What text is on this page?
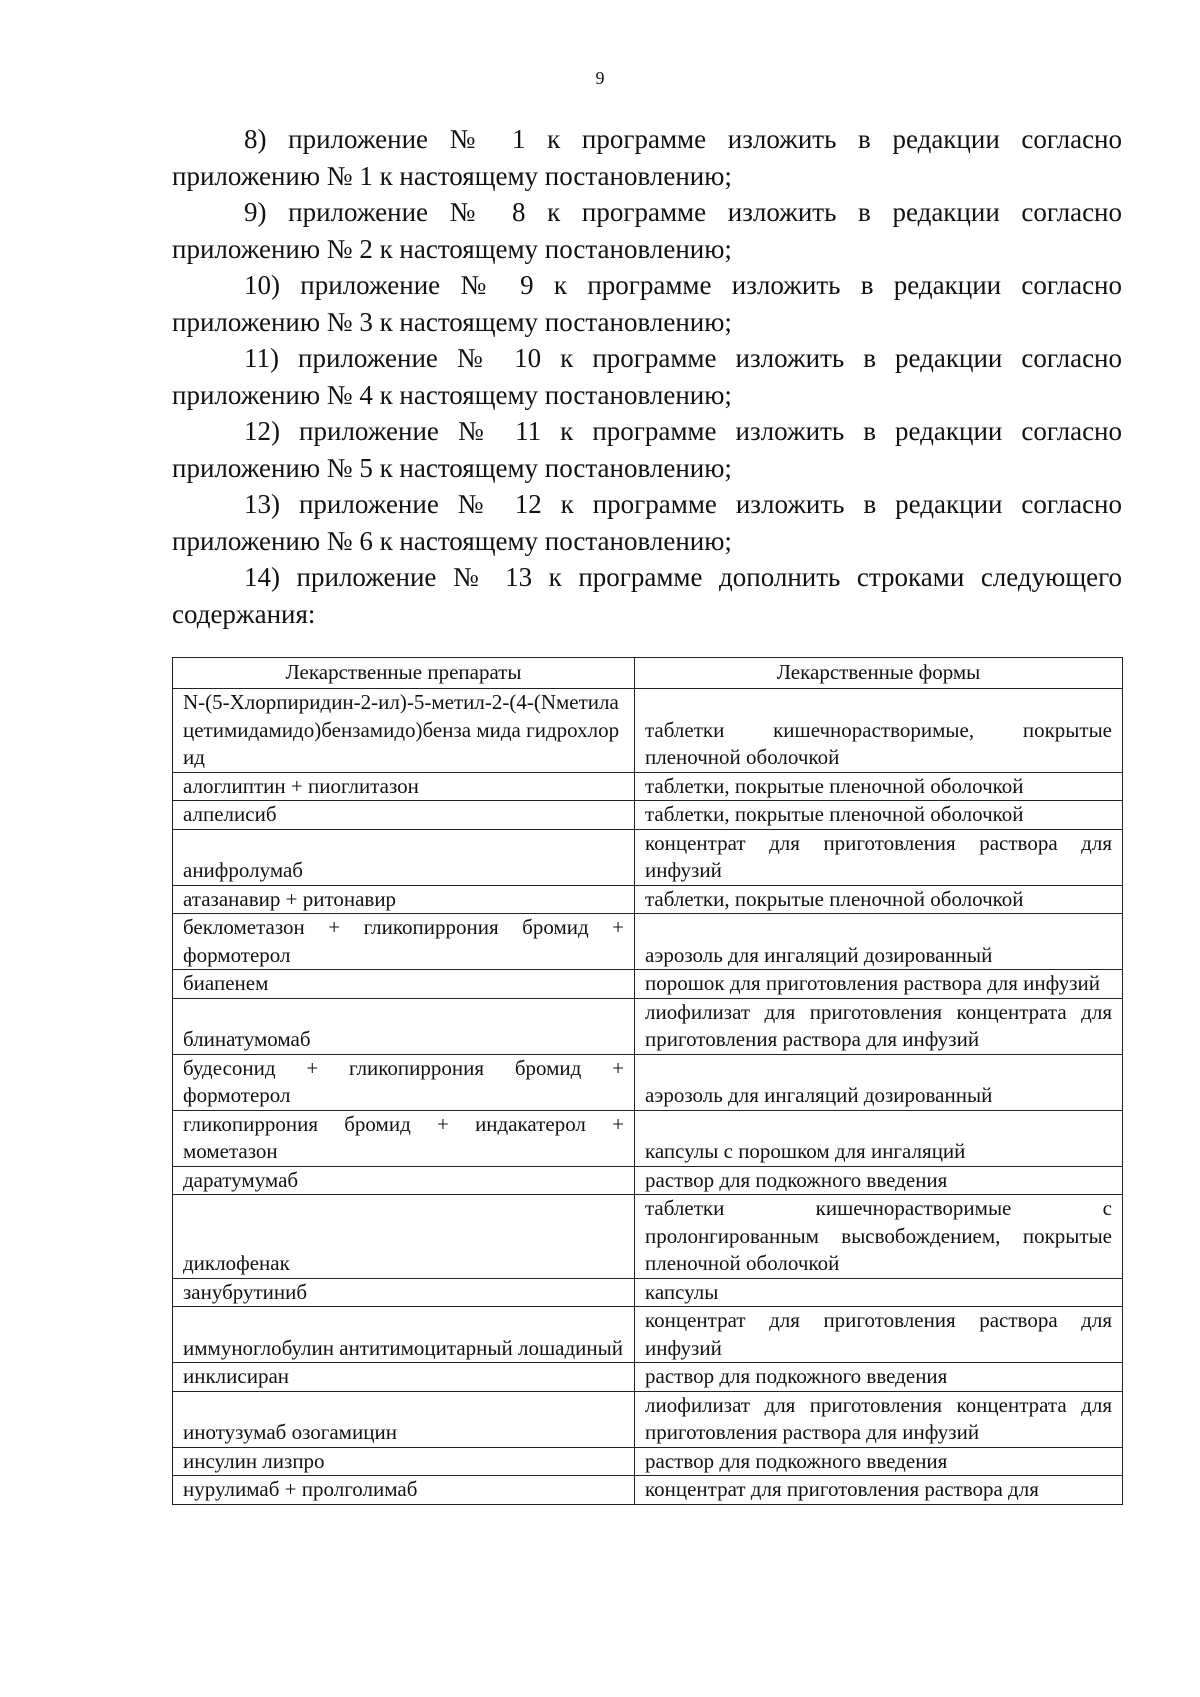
9

8) приложение № 1 к программе изложить в редакции согласно
приложению № 1 к настоящему постановлению;

9) приложение № 8 к программе изложить в редакции согласно
приложению № 2 к настоящему постановлению;

10) приложение № 9 к программе изложить в редакции согласно
приложению № 3 к настоящему постановлению;

11) приложение № 10 к программе изложить в редакции согласно
приложению № 4 к настоящему постановлению;

12) приложение № 11 к программе изложить в редакции согласно
приложению № 5 к настоящему постановлению;

13) приложение № 12 к программе изложить в редакции согласно
приложению № 6 к настоящему постановлению;

14) приложение № 13 к программе дополнить строками следующего
содержания:

Лекарственные препараты	Лекарственные формы
N-(5-Хлорпиридин-2-ил)-5-метил-2-(4-(Nметилацетимидамидо)бензамидо)бенза мида гидрохлорид	таблетки кишечнорастворимые, покрытые пленочной оболочкой
алоглиптин + пиоглитазон	таблетки, покрытые пленочной оболочкой
алпелисиб	таблетки, покрытые пленочной оболочкой
анифролумаб	концентрат для приготовления раствора для инфузий
атазанавир + ритонавир	таблетки, покрытые пленочной оболочкой
беклометазон + гликопиррония бромид + формотерол	аэрозоль для ингаляций дозированный
биапенем	порошок для приготовления раствора для инфузий
блинатумомаб	лиофилизат для приготовления концентрата для приготовления раствора для инфузий
будесонид + гликопиррония бромид + формотерол	аэрозоль для ингаляций дозированный
гликопиррония бромид + индакатерол + мометазон	капсулы с порошком для ингаляций
даратумумаб	раствор для подкожного введения
диклофенак	таблетки кишечнорастворимые с пролонгированным высвобождением, покрытые пленочной оболочкой
занубрутиниб	капсулы
иммуноглобулин антитимоцитарный лошадиный	концентрат для приготовления раствора для инфузий
инклисиран	раствор для подкожного введения
инотузумаб озогамицин	лиофилизат для приготовления концентрата для приготовления раствора для инфузий
инсулин лизпро	раствор для подкожного введения
нурулимаб + пролголимаб	концентрат для приготовления раствора для
